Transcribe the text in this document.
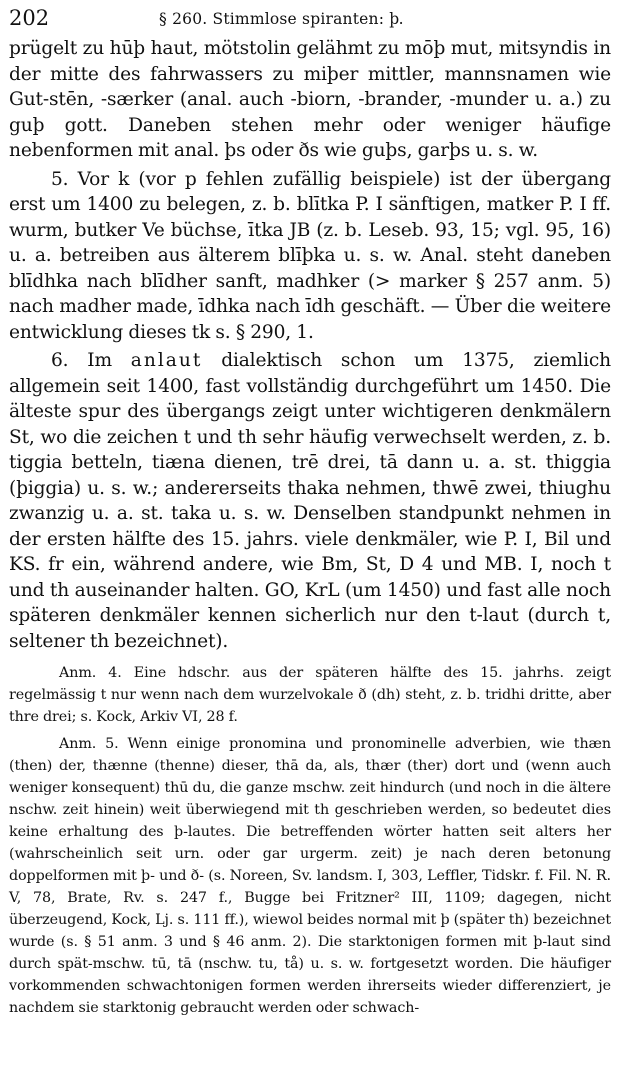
202	§ 260. Stimmlose spiranten: þ.

prügelt zu hūþ haut, mötstolin gelähmt zu mōþ mut, mitsyndis in der mitte des fahrwassers zu miþer mittler, mannsnamen wie Gut-stēn, -særker (anal. auch -biorn, -brander, -munder u. a.) zu guþ gott. Daneben stehen mehr oder weniger häufige nebenformen mit anal. þs oder ðs wie guþs, garþs u. s. w.

5. Vor k (vor p fehlen zufällig beispiele) ist der übergang erst um 1400 zu belegen, z. b. blītka P. I sänftigen, matker P. I ff. wurm, butker Ve büchse, ītka JB (z. b. Leseb. 93, 15; vgl. 95, 16) u. a. betreiben aus älterem blīþka u. s. w. Anal. steht daneben blīdhka nach blīdher sanft, madhker (> marker § 257 anm. 5) nach madher made, īdhka nach īdh geschäft. — Über die weitere entwicklung dieses tk s. § 290, 1.

6. Im anlaut dialektisch schon um 1375, ziemlich allgemein seit 1400, fast vollständig durchgeführt um 1450. Die älteste spur des übergangs zeigt unter wichtigeren denkmälern St, wo die zeichen t und th sehr häufig verwechselt werden, z. b. tiggia betteln, tiæna dienen, trē drei, tā dann u. a. st. thiggia (þiggia) u. s. w.; andererseits thaka nehmen, thwē zwei, thiughu zwanzig u. a. st. taka u. s. w. Denselben standpunkt nehmen in der ersten hälfte des 15. jahrs. viele denkmäler, wie P. I, Bil und KS. fr ein, während andere, wie Bm, St, D 4 und MB. I, noch t und th auseinander halten. GO, KrL (um 1450) und fast alle noch späteren denkmäler kennen sicherlich nur den t-laut (durch t, seltener th bezeichnet).

Anm. 4. Eine hdschr. aus der späteren hälfte des 15. jahrhs. zeigt regelmässig t nur wenn nach dem wurzelvokale ð (dh) steht, z. b. tridhi dritte, aber thre drei; s. Kock, Arkiv VI, 28 f.

Anm. 5. Wenn einige pronomina und pronominelle adverbien, wie thæn (then) der, thænne (thenne) dieser, thā da, als, thær (ther) dort und (wenn auch weniger konsequent) thū du, die ganze mschw. zeit hindurch (und noch in die ältere nschw. zeit hinein) weit überwiegend mit th geschrieben werden, so bedeutet dies keine erhaltung des þ-lautes. Die betreffenden wörter hatten seit alters her (wahrscheinlich seit urn. oder gar urgerm. zeit) je nach deren betonung doppelformen mit þ- und ð- (s. Noreen, Sv. landsm. I, 303, Leffler, Tidskr. f. Fil. N. R. V, 78, Brate, Rv. s. 247 f., Bugge bei Fritzner² III, 1109; dagegen, nicht überzeugend, Kock, Lj. s. 111 ff.), wiewol beides normal mit þ (später th) bezeichnet wurde (s. § 51 anm. 3 und § 46 anm. 2). Die starktonigen formen mit þ-laut sind durch spät-mschw. tū, tā (nschw. tu, tå) u. s. w. fortgesetzt worden. Die häufiger vorkommenden schwachtonigen formen werden ihrerseits wieder differenziert, je nachdem sie starktonig gebraucht werden oder schwach-
